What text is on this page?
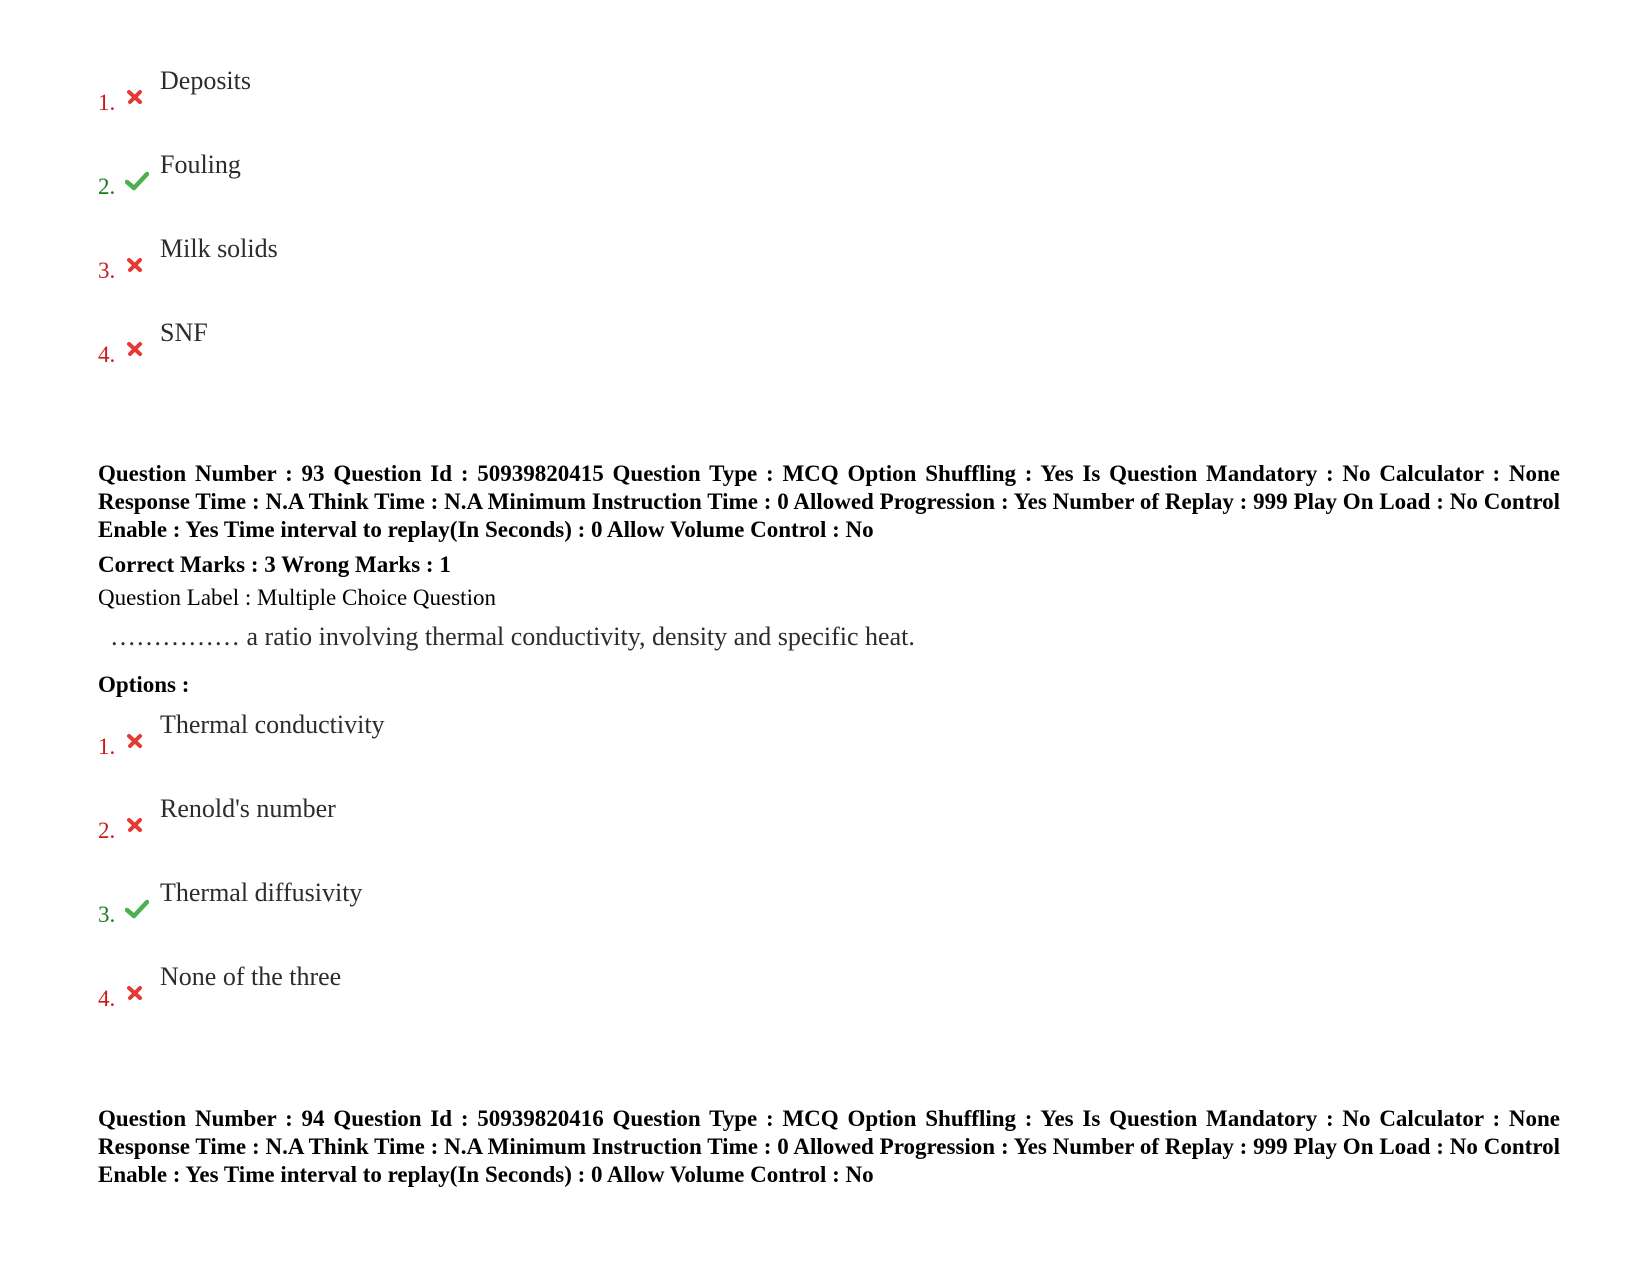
1.
Deposits
2.
Fouling
3.
Milk solids
4.
SNF
Question Number : 93 Question Id : 50939820415 Question Type : MCQ Option Shuffling : Yes Is Question Mandatory : No Calculator : None Response Time : N.A Think Time : N.A Minimum Instruction Time : 0 Allowed Progression : Yes Number of Replay : 999 Play On Load : No Control Enable : Yes Time interval to replay(In Seconds) : 0 Allow Volume Control : No
Correct Marks : 3 Wrong Marks : 1
Question Label : Multiple Choice Question
…………… a ratio involving thermal conductivity, density and specific heat.
Options :
1.
Thermal conductivity
2.
Renold's number
3.
Thermal diffusivity
4.
None of the three
Question Number : 94 Question Id : 50939820416 Question Type : MCQ Option Shuffling : Yes Is Question Mandatory : No Calculator : None Response Time : N.A Think Time : N.A Minimum Instruction Time : 0 Allowed Progression : Yes Number of Replay : 999 Play On Load : No Control Enable : Yes Time interval to replay(In Seconds) : 0 Allow Volume Control : No
